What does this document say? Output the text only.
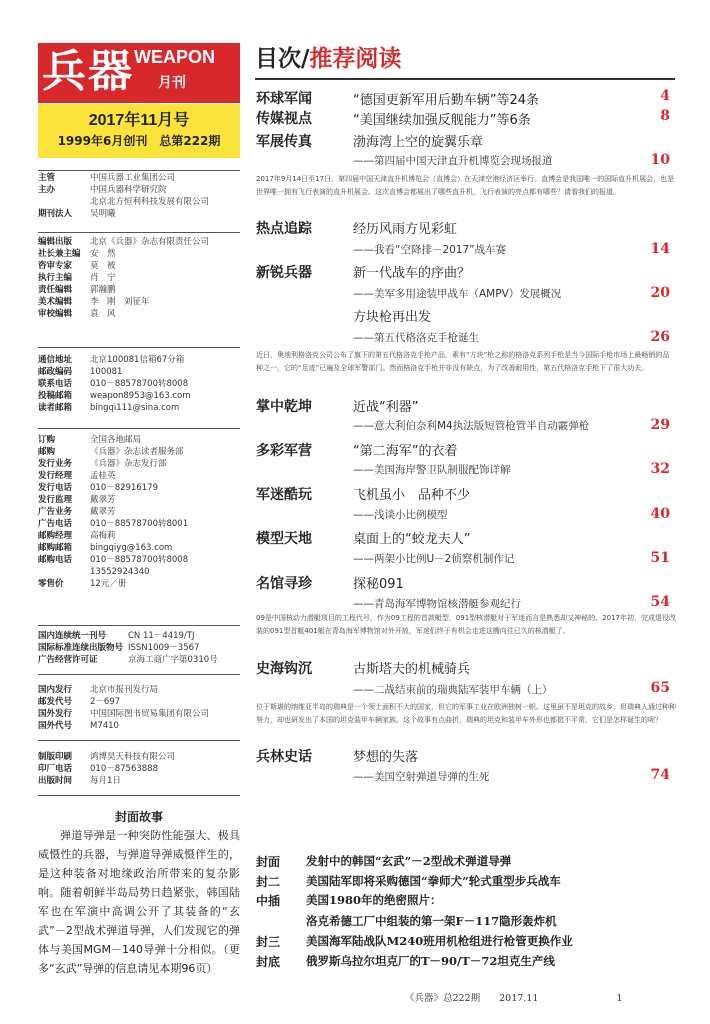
兵器 WEAPON
月刊
2017年11月号
1999年6月创刊　 总第222期
主管	中国兵器工业集团公司
主办	中国兵器科学研究院
北京北方恒利科技发展有限公司
期刊法人	吴明曦
编辑出版	北京《兵器》杂志有限责任公司
社长兼主编	安　然
咨审专家	莫　被
执行主编	肖　宁
责任编辑	郭瀚鹏
美术编辑	李　刚　刘征年
审校编辑	袁　风
通信地址	北京100081信箱67分箱
邮政编码	100081
联系电话	010－88578700转8008
投稿邮箱	weapon8953@163.com
读者邮箱	bingqi111@sina.com
订购	全国各地邮局
邮购	《兵器》杂志读者服务部
发行业务	《兵器》杂志发行部
发行经理	孟桂英
发行电话	010－82916179
发行监理	戴翠芳
广告业务	戴翠芳
广告电话	010－88578700转8001
邮购经理	高梅莉
邮购邮箱	bingqiyg@163.com
邮购电话	010－88578700转8008
13552924340
零售价	12元／册
国内连续统一刊号	CN 11－4419/TJ
国际标准连续出版物号 ISSN1009－3567
广告经营许可证	京海工商广字第0310号
国内发行	北京市报刊发行局
邮发代号	2－697
国外发行	中国国际图书贸易集团有限公司
国外代号	M7410
制版印刷	鸿博昊天科技有限公司
印厂电话	010－87563888
出版时间	每月1日
封面故事
弹道导弹是一种突防性能强大、极具威慑性的兵器，与弹道导弹威慑伴生的，是这种装备对地缘政治所带来的复杂影响。随着朝鲜半岛局势日趋紧张，韩国陆军也在军演中高调公开了其装备的“玄武”－2型战术弹道导弹，人们发现它的弹体与美国MGM－140导弹十分相似。（更多“玄武”导弹的信息请见本期96页）
目次/推荐阅读
环球军闻	“德国更新军用后勤车辆”等24条	4
传媒视点	“美国继续加强反舰能力”等6条	8
军展传真	渤海湾上空的旋翼乐章
——第四届中国天津直升机博览会现场报道	10
2017年9月14日至17日，第四届中国天津直升机博览会（直博会）在天津空港经济区举行。直博会是我国唯一的国际直升机展会，也是世界唯一拥有飞行表演的直升机展会。这次直博会都展出了哪些直升机，飞行表演的亮点都有哪些？请看我们的报道。
热点追踪	经历风雨方见彩虹
——我看“空降排－2017”战车赛	14
新锐兵器	新一代战车的序曲？
——美军多用途装甲战车（AMPV）发展概况	20
方块枪再出发
——第五代格洛克手枪诞生	26
近日，奥地利格洛克公司公布了旗下的第五代格洛克手枪产品，素有“方块”枪之称的格洛克系列手枪是当今国际手枪市场上最畅销的品种之一，它的“足迹”已遍及全球军警部门。然而格洛克手枪并非没有缺点，为了改善耐用性，第五代格洛克手枪下了很大功夫。
掌中乾坤	近战“利器”
——意大利伯奈利M4执法版短管枪管半自动霰弹枪	29
多彩军营	“第二海军”的衣着
——美国海岸警卫队制服配饰详解	32
军迷酷玩	飞机虽小　品种不少
——浅谈小比例模型	40
模型天地	桌面上的“蛟龙夫人”
——两架小比例U－2侦察机制作记	51
名馆寻珍	探秘091
——青岛海军博物馆核潜艇参观纪行	54
09是中国核动力潜艇项目的工程代号，作为09工程的首款艇型，091型核潜艇对于军迷而言是熟悉却又神秘的。2017年初，完成退役改装的091型首艇401艇在青岛海军博物馆对外开放，军迷们终于有机会走进这艘向往已久的核潜艇了。
史海钩沉	古斯塔夫的机械骑兵
——二战结束前的瑞典陆军装甲车辆（上）	65
位于斯堪的纳维亚半岛的瑞典是一个领土面积不大的国家，但它的军事工业在欧洲独树一帜。这里虽不是坦克的故乡，但瑞典人通过种种努力，却也研发出了本国的坦克装甲车辆家族。这个故事有点曲折，瑞典的坦克和装甲车外形也都挺不平常，它们是怎样诞生的呢？
兵林史话	梦想的失落
——美国空射弹道导弹的生死	74
封面 发射中的韩国“玄武”－2型战术弹道导弹
封二 美国陆军即将采购德国“拳师犬”轮式重型步兵战车
中插 美国1980年的绝密照片：
洛克希德工厂中组装的第一架F－117隐形轰炸机
封三 美国海军陆战队M240班用机枪组进行枪管更换作业
封底 俄罗斯乌拉尔坦克厂的T－90/T－72坦克生产线
《兵器》总222期　　2017.11	1
